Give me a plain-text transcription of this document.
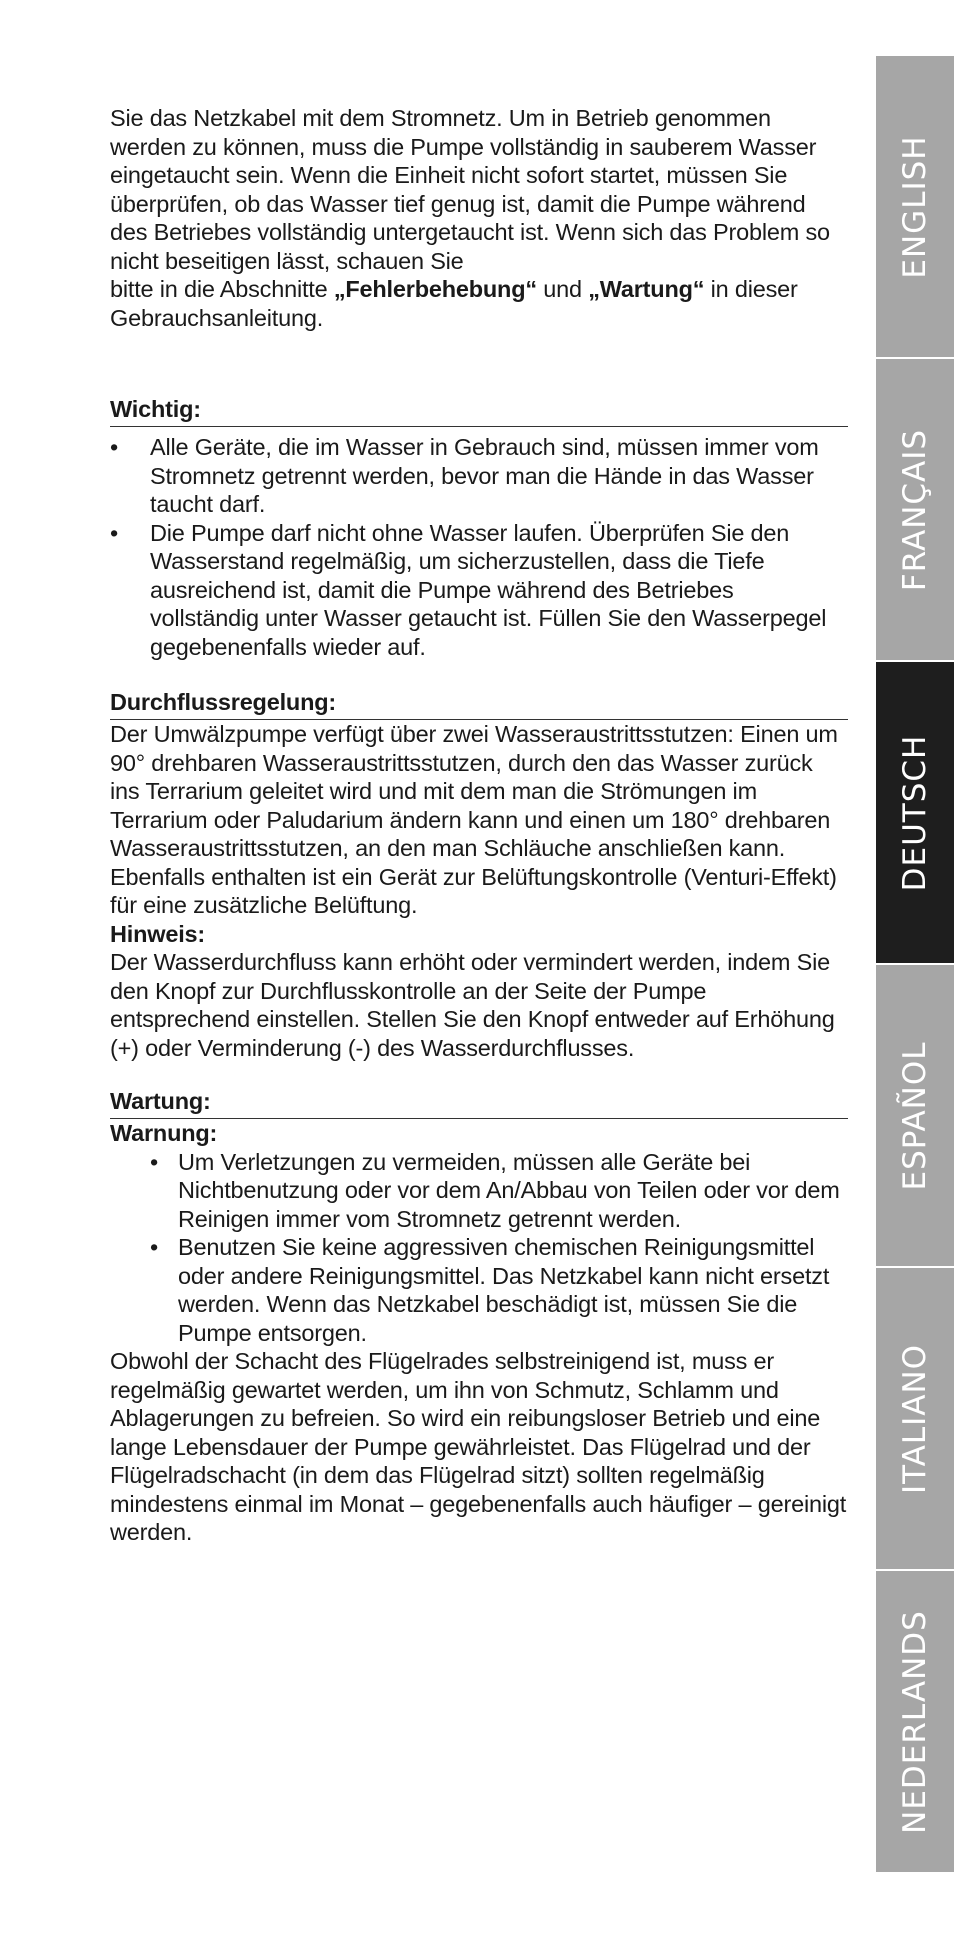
Sie das Netzkabel mit dem Stromnetz. Um in Betrieb genommen werden zu können, muss die Pumpe vollständig in sauberem Wasser eingetaucht sein. Wenn die Einheit nicht sofort startet, müssen Sie überprüfen, ob das Wasser tief genug ist, damit die Pumpe während des Betriebes vollständig untergetaucht ist. Wenn sich das Problem so nicht beseitigen lässt, schauen Sie
bitte in die Abschnitte „Fehlerbehebung“ und „Wartung“ in dieser Gebrauchsanleitung.

Wichtig:
• Alle Geräte, die im Wasser in Gebrauch sind, müssen immer vom Stromnetz getrennt werden, bevor man die Hände in das Wasser taucht darf.
• Die Pumpe darf nicht ohne Wasser laufen. Überprüfen Sie den Wasserstand regelmäßig, um sicherzustellen, dass die Tiefe ausreichend ist, damit die Pumpe während des Betriebes vollständig unter Wasser getaucht ist. Füllen Sie den Wasserpegel gegebenenfalls wieder auf.
Durchflussregelung:

Der Umwälzpumpe verfügt über zwei Wasseraustrittsstutzen: Einen um 90° drehbaren Wasseraustrittsstutzen, durch den das Wasser zurück ins Terrarium geleitet wird und mit dem man die Strömungen im Terrarium oder Paludarium ändern kann und einen um 180° drehbaren Wasseraustrittsstutzen, an den man Schläuche anschließen kann. Ebenfalls enthalten ist ein Gerät zur Belüftungskontrolle (Venturi-Effekt) für eine zusätzliche Belüftung.

Hinweis:

Der Wasserdurchfluss kann erhöht oder vermindert werden, indem Sie den Knopf zur Durchflusskontrolle an der Seite der Pumpe entsprechend einstellen. Stellen Sie den Knopf entweder auf Erhöhung (+) oder Verminderung (-) des Wasserdurchflusses.

Wartung:

Warnung:

• Um Verletzungen zu vermeiden, müssen alle Geräte bei Nichtbenutzung oder vor dem An/Abbau von Teilen oder vor dem Reinigen immer vom Stromnetz getrennt werden.
• Benutzen Sie keine aggressiven chemischen Reinigungsmittel oder andere Reinigungsmittel. Das Netzkabel kann nicht ersetzt werden. Wenn das Netzkabel beschädigt ist, müssen Sie die Pumpe entsorgen.

Obwohl der Schacht des Flügelrades selbstreinigend ist, muss er regelmäßig gewartet werden, um ihn von Schmutz, Schlamm und Ablagerungen zu befreien. So wird ein reibungsloser Betrieb und eine lange Lebensdauer der Pumpe gewährleistet. Das Flügelrad und der Flügelradschacht (in dem das Flügelrad sitzt) sollten regelmäßig mindestens einmal im Monat – gegebenenfalls auch häufiger – gereinigt werden.

ENGLISH
FRANÇAIS
DEUTSCH
ESPAÑOL
ITALIANO
NEDERLANDS
